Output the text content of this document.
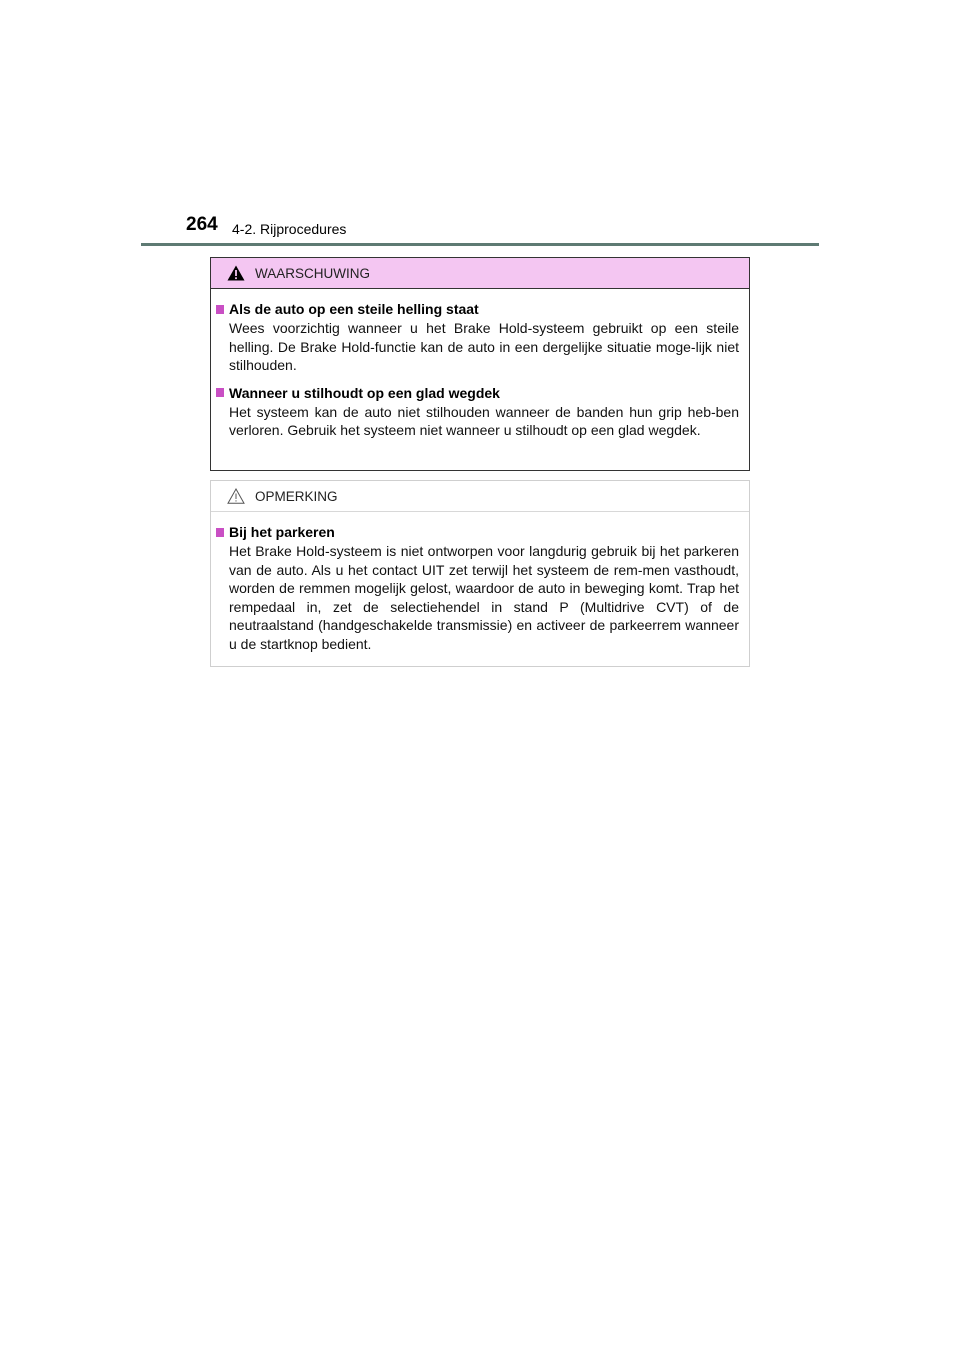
264 4-2. Rijprocedures
WAARSCHUWING
Als de auto op een steile helling staat
Wees voorzichtig wanneer u het Brake Hold-systeem gebruikt op een steile helling. De Brake Hold-functie kan de auto in een dergelijke situatie moge-lijk niet stilhouden.
Wanneer u stilhoudt op een glad wegdek
Het systeem kan de auto niet stilhouden wanneer de banden hun grip heb-ben verloren. Gebruik het systeem niet wanneer u stilhoudt op een glad wegdek.
OPMERKING
Bij het parkeren
Het Brake Hold-systeem is niet ontworpen voor langdurig gebruik bij het parkeren van de auto. Als u het contact UIT zet terwijl het systeem de rem-men vasthoudt, worden de remmen mogelijk gelost, waardoor de auto in beweging komt. Trap het rempedaal in, zet de selectiehendel in stand P (Multidrive CVT) of de neutraalstand (handgeschakelde transmissie) en activeer de parkeerrem wanneer u de startknop bedient.
